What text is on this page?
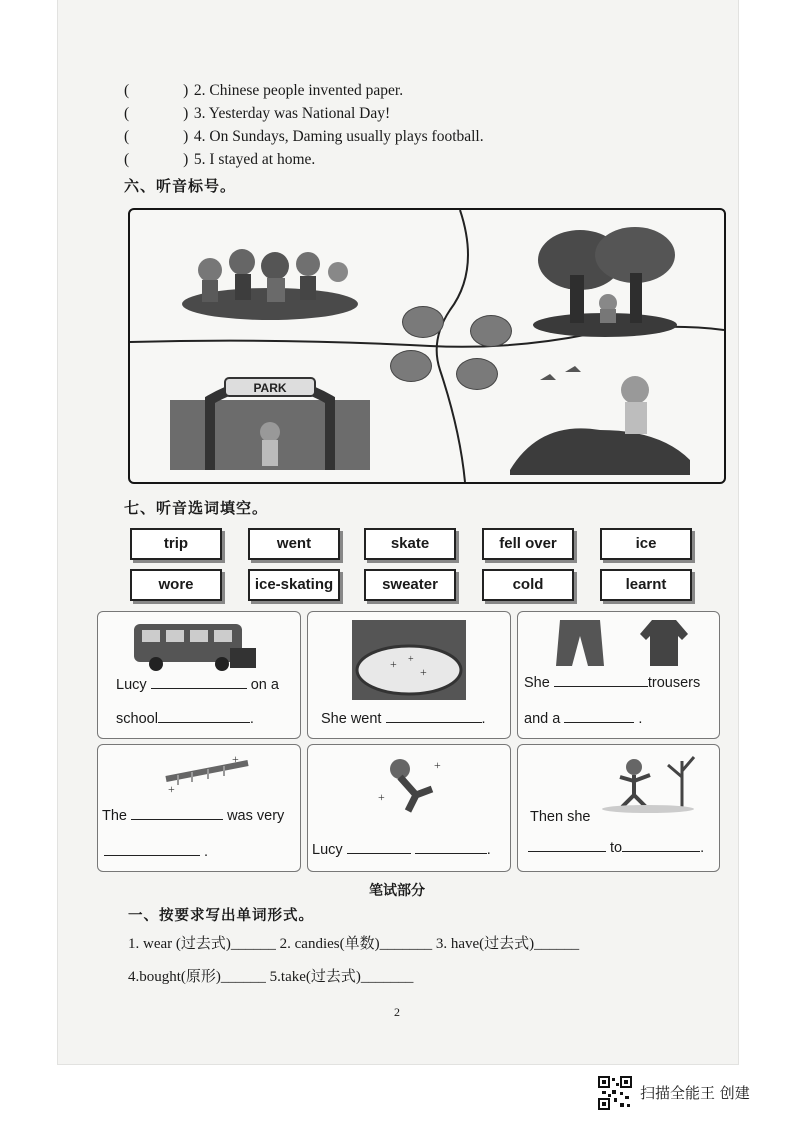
(	) 2. Chinese people invented paper.
(	) 3. Yesterday was National Day!
(	) 4. On Sundays, Daming usually plays football.
(	) 5. I stayed at home.
六、听音标号。
PARK
七、听音选词填空。
trip	went	skate	fell over	ice
wore	ice-skating	sweater	cold	learnt
Lucy	on a
school	.
+
+
+
She went	.
She	trousers
and a	.
+
+
The	was very
.
+
+
Lucy	.
Then she
to	.
笔试部分
一、按要求写出单词形式。
1. wear (过去式)______ 2. candies(单数)_______ 3. have(过去式)______
4.bought(原形)______ 5.take(过去式)_______
2
扫描全能王 创建
